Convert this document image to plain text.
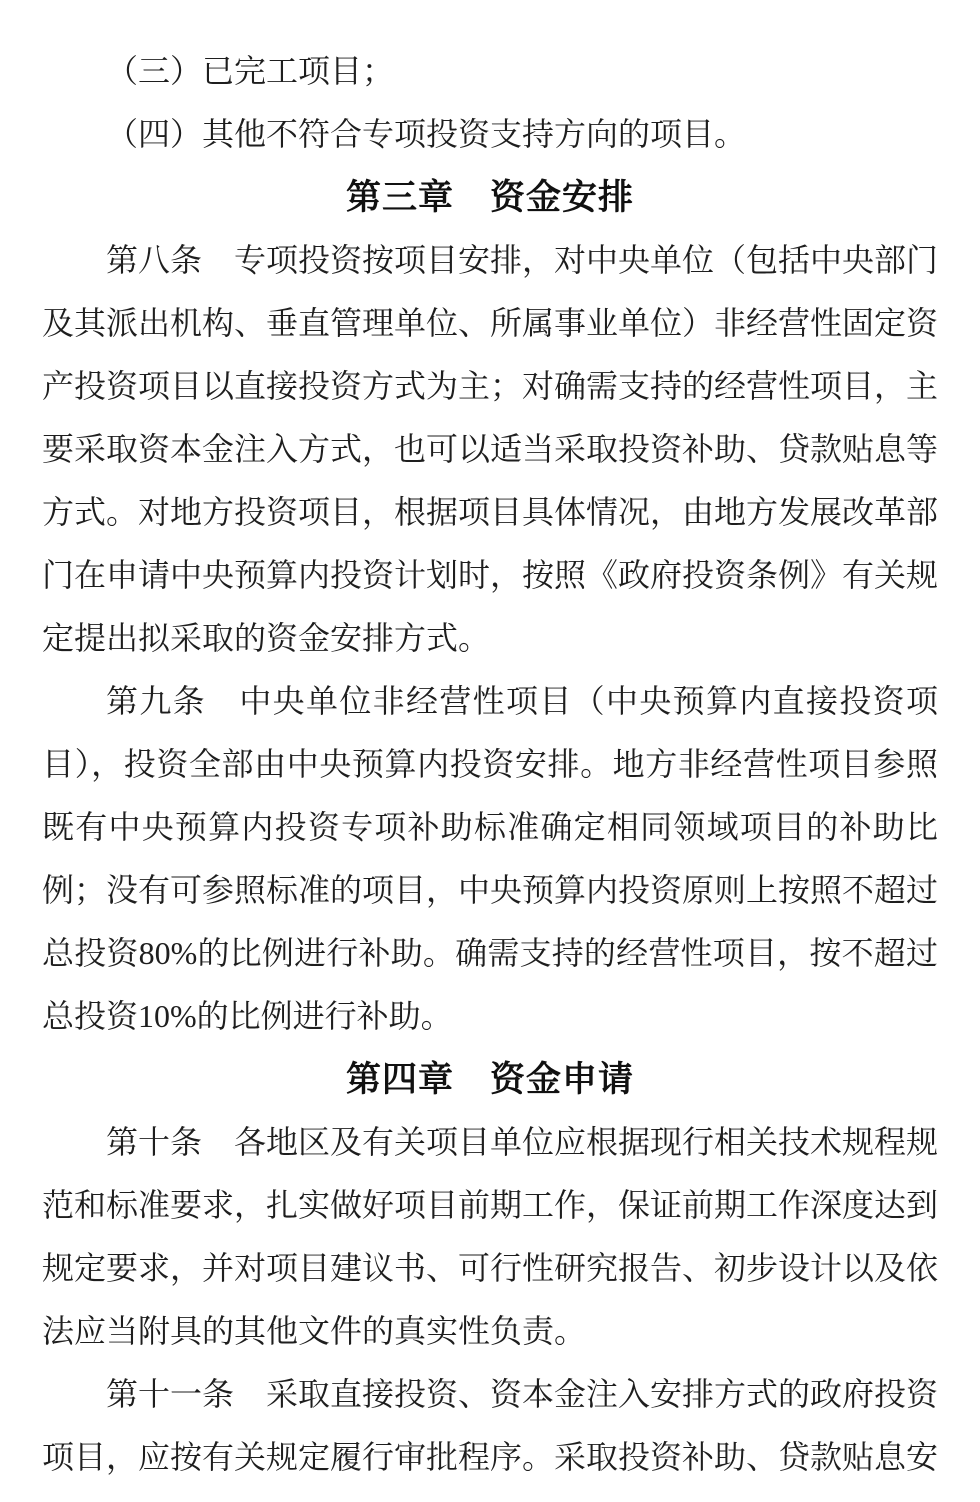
（三）已完工项目；

（四）其他不符合专项投资支持方向的项目。

第三章　资金安排

第八条　专项投资按项目安排，对中央单位（包括中央部门及其派出机构、垂直管理单位、所属事业单位）非经营性固定资产投资项目以直接投资方式为主；对确需支持的经营性项目，主要采取资本金注入方式，也可以适当采取投资补助、贷款贴息等方式。对地方投资项目，根据项目具体情况，由地方发展改革部门在申请中央预算内投资计划时，按照《政府投资条例》有关规定提出拟采取的资金安排方式。

第九条　中央单位非经营性项目（中央预算内直接投资项目），投资全部由中央预算内投资安排。地方非经营性项目参照既有中央预算内投资专项补助标准确定相同领域项目的补助比例；没有可参照标准的项目，中央预算内投资原则上按照不超过总投资80%的比例进行补助。确需支持的经营性项目，按不超过总投资10%的比例进行补助。

第四章　资金申请

第十条　各地区及有关项目单位应根据现行相关技术规程规范和标准要求，扎实做好项目前期工作，保证前期工作深度达到规定要求，并对项目建议书、可行性研究报告、初步设计以及依法应当附具的其他文件的真实性负责。

第十一条　采取直接投资、资本金注入安排方式的政府投资项目，应按有关规定履行审批程序。采取投资补助、贷款贴息安
